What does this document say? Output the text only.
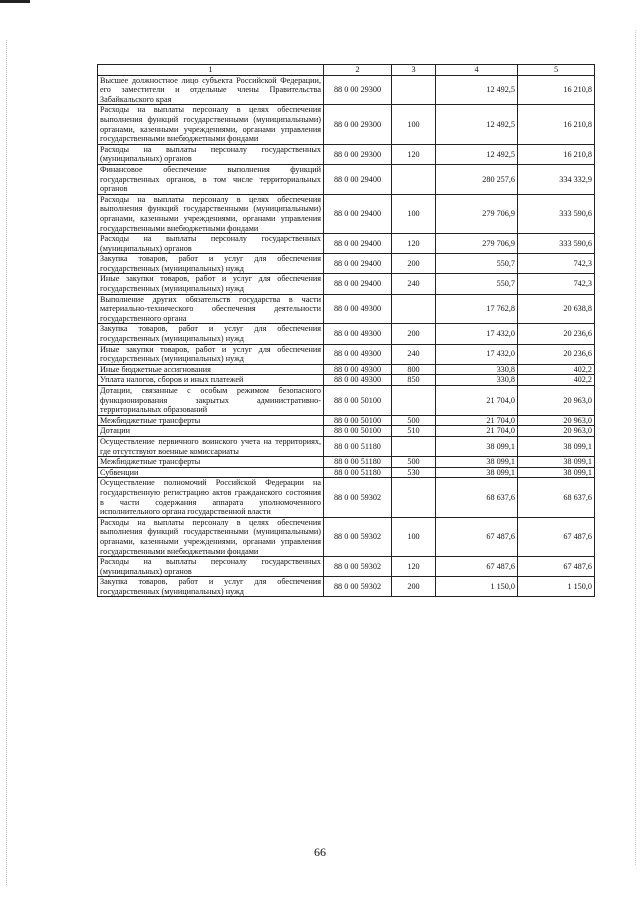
1	2	3	4	5
Высшее должностное лицо субъекта Российской Федерации, его заместители и отдельные члены Правительства Забайкальского края	88 0 00 29300		12 492,5	16 210,8
Расходы на выплаты персоналу в целях обеспечения выполнения функций государственными (муниципальными) органами, казенными учреждениями, органами управления государственными внебюджетными фондами	88 0 00 29300	100	12 492,5	16 210,8
Расходы на выплаты персоналу государственных (муниципальных) органов	88 0 00 29300	120	12 492,5	16 210,8
Финансовое обеспечение выполнения функций государственных органов, в том числе территориальных органов	88 0 00 29400		280 257,6	334 332,9
Расходы на выплаты персоналу в целях обеспечения выполнения функций государственными (муниципальными) органами, казенными учреждениями, органами управления государственными внебюджетными фондами	88 0 00 29400	100	279 706,9	333 590,6
Расходы на выплаты персоналу государственных (муниципальных) органов	88 0 00 29400	120	279 706,9	333 590,6
Закупка товаров, работ и услуг для обеспечения государственных (муниципальных) нужд	88 0 00 29400	200	550,7	742,3
Иные закупки товаров, работ и услуг для обеспечения государственных (муниципальных) нужд	88 0 00 29400	240	550,7	742,3
Выполнение других обязательств государства в части материально-технического обеспечения деятельности государственного органа	88 0 00 49300		17 762,8	20 638,8
Закупка товаров, работ и услуг для обеспечения государственных (муниципальных) нужд	88 0 00 49300	200	17 432,0	20 236,6
Иные закупки товаров, работ и услуг для обеспечения государственных (муниципальных) нужд	88 0 00 49300	240	17 432,0	20 236,6
Иные бюджетные ассигнования	88 0 00 49300	800	330,8	402,2
Уплата налогов, сборов и иных платежей	88 0 00 49300	850	330,8	402,2
Дотации, связанные с особым режимом безопасного функционирования закрытых административно-территориальных образований	88 0 00 50100		21 704,0	20 963,0
Межбюджетные трансферты	88 0 00 50100	500	21 704,0	20 963,0
Дотации	88 0 00 50100	510	21 704,0	20 963,0
Осуществление первичного воинского учета на территориях, где отсутствуют военные комиссариаты	88 0 00 51180		38 099,1	38 099,1
Межбюджетные трансферты	88 0 00 51180	500	38 099,1	38 099,1
Субвенции	88 0 00 51180	530	38 099,1	38 099,1
Осуществление полномочий Российской Федерации на государственную регистрацию актов гражданского состояния в части содержания аппарата уполномоченного исполнительного органа государственной власти	88 0 00 59302		68 637,6	68 637,6
Расходы на выплаты персоналу в целях обеспечения выполнения функций государственными (муниципальными) органами, казенными учреждениями, органами управления государственными внебюджетными фондами	88 0 00 59302	100	67 487,6	67 487,6
Расходы на выплаты персоналу государственных (муниципальных) органов	88 0 00 59302	120	67 487,6	67 487,6
Закупка товаров, работ и услуг для обеспечения государственных (муниципальных) нужд	88 0 00 59302	200	1 150,0	1 150,0
66
